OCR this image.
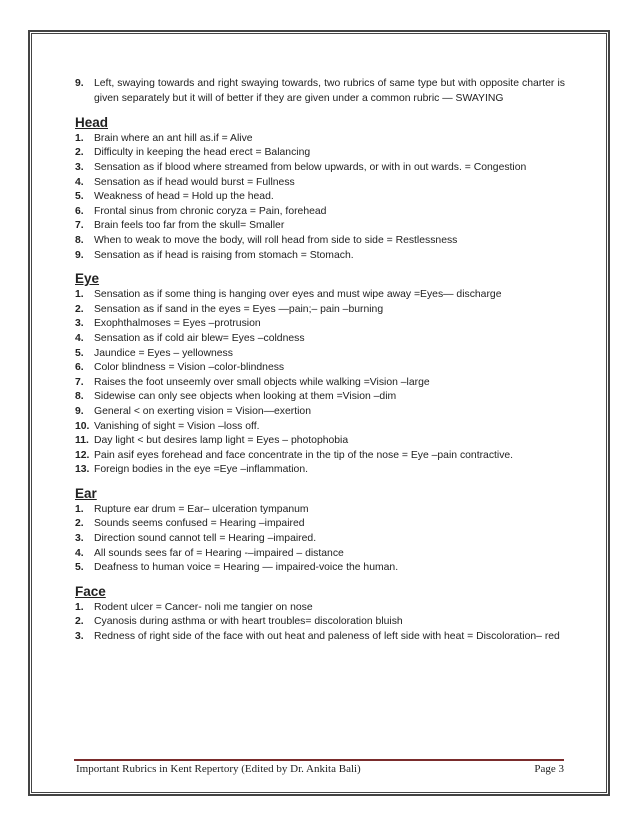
9. Left, swaying towards and right swaying towards, two rubrics of same type but with opposite charter is given separately but it will of better if they are given under a common rubric — SWAYING
Head
1. Brain where an ant hill as.if = Alive
2. Difficulty in keeping the head erect = Balancing
3. Sensation as if blood where streamed from below upwards, or with in out wards. = Congestion
4. Sensation as if head would burst = Fullness
5. Weakness of head = Hold up the head.
6. Frontal sinus from chronic coryza = Pain, forehead
7. Brain feels too far from the skull= Smaller
8. When to weak to move the body, will roll head from side to side = Restlessness
9. Sensation as if head is raising from stomach = Stomach.
Eye
1. Sensation as if some thing is hanging over eyes and must wipe away =Eyes— discharge
2. Sensation as if sand in the eyes = Eyes —pain;– pain –burning
3. Exophthalmoses = Eyes –protrusion
4. Sensation as if cold air blew= Eyes –coldness
5. Jaundice = Eyes – yellowness
6. Color blindness = Vision –color-blindness
7. Raises the foot unseemly over small objects while walking =Vision –large
8. Sidewise can only see objects when looking at them =Vision –dim
9. General < on exerting vision = Vision—exertion
10. Vanishing of sight = Vision –loss off.
11. Day light < but desires lamp light = Eyes – photophobia
12. Pain asif eyes forehead and face concentrate in the tip of the nose = Eye –pain contractive.
13. Foreign bodies in the eye =Eye –inflammation.
Ear
1. Rupture ear drum = Ear– ulceration tympanum
2. Sounds seems confused = Hearing –impaired
3. Direction sound cannot tell = Hearing –impaired.
4. All sounds sees far of = Hearing -–impaired – distance
5. Deafness to human voice = Hearing — impaired-voice the human.
Face
1. Rodent ulcer = Cancer- noli me tangier on nose
2. Cyanosis during asthma or with heart troubles= discoloration bluish
3. Redness of right side of the face with out heat and paleness of left side with heat = Discoloration– red
Important Rubrics in Kent Repertory (Edited by Dr. Ankita Bali)	Page 3
